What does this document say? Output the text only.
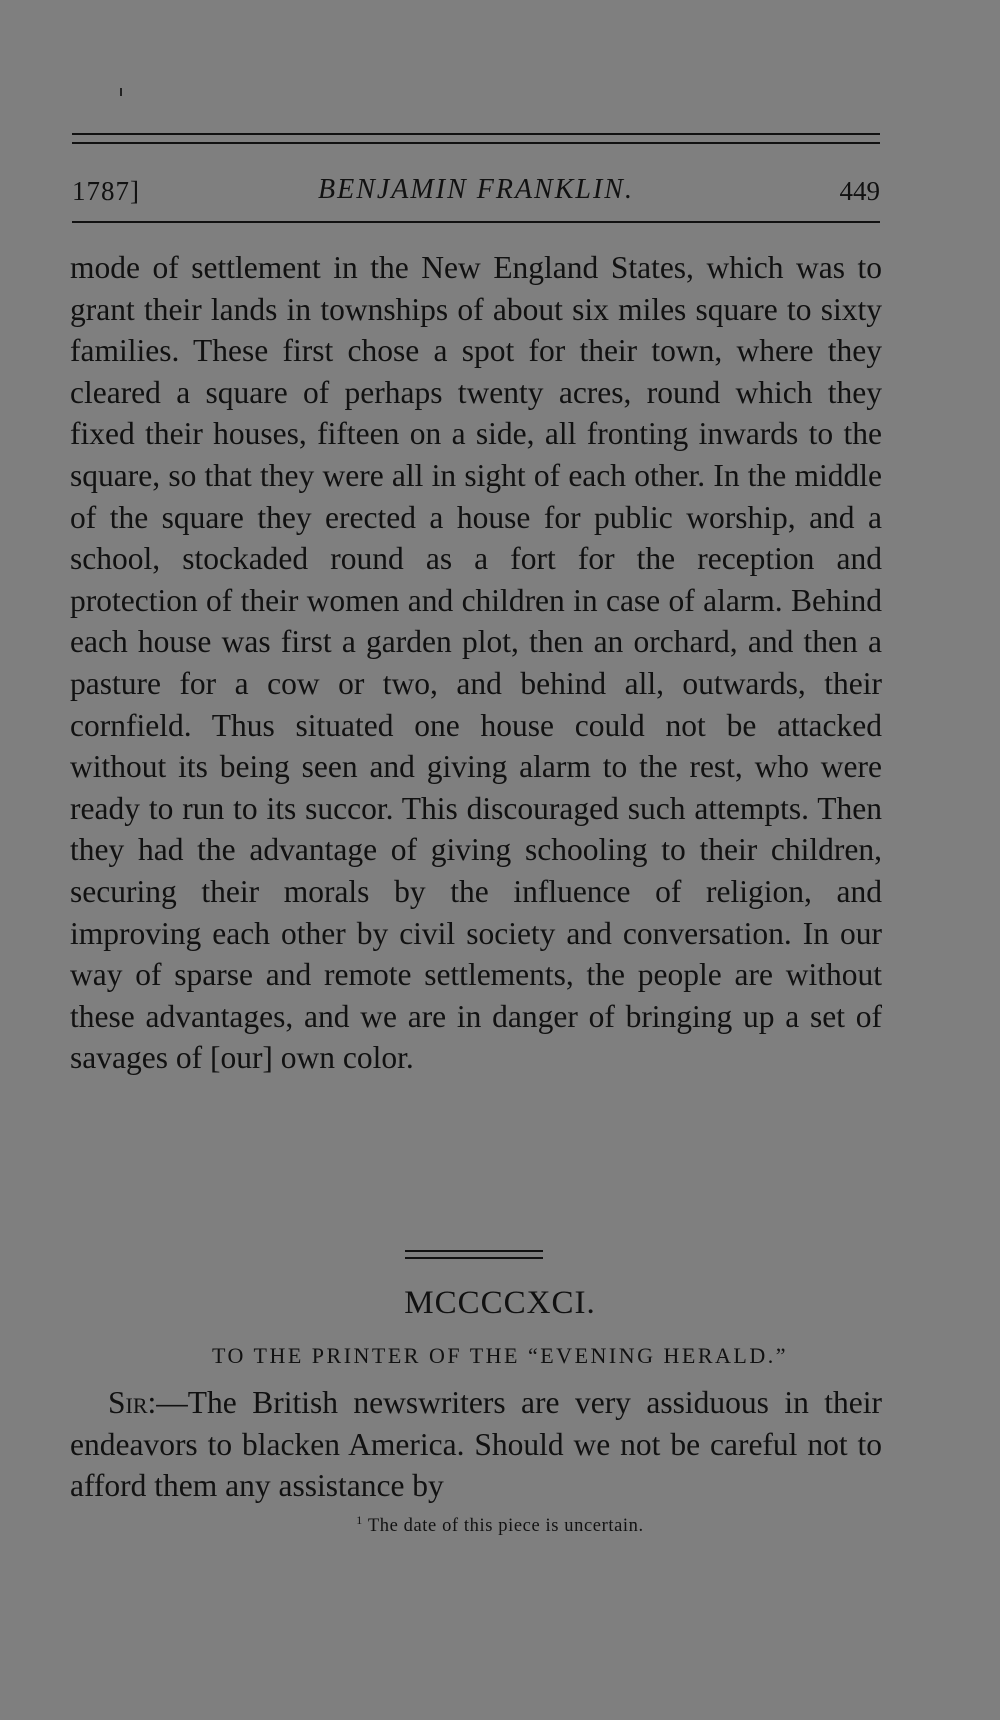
1787]	BENJAMIN FRANKLIN.	449

mode of settlement in the New England States, which was to grant their lands in townships of about six miles square to sixty families. These first chose a spot for their town, where they cleared a square of perhaps twenty acres, round which they fixed their houses, fifteen on a side, all fronting inwards to the square, so that they were all in sight of each other. In the middle of the square they erected a house for public worship, and a school, stockaded round as a fort for the reception and protection of their women and children in case of alarm. Behind each house was first a garden plot, then an orchard, and then a pasture for a cow or two, and behind all, outwards, their cornfield. Thus situated one house could not be attacked without its being seen and giving alarm to the rest, who were ready to run to its succor. This discouraged such attempts. Then they had the advantage of giving schooling to their children, securing their morals by the influence of religion, and improving each other by civil society and conversation. In our way of sparse and remote settlements, the people are without these advantages, and we are in danger of bringing up a set of savages of [our] own color.

MCCCCXCI.
TO THE PRINTER OF THE “EVENING HERALD.”

Sir:—The British newswriters are very assiduous in their endeavors to blacken America. Should we not be careful not to afford them any assistance by

$^1$ The date of this piece is uncertain.
